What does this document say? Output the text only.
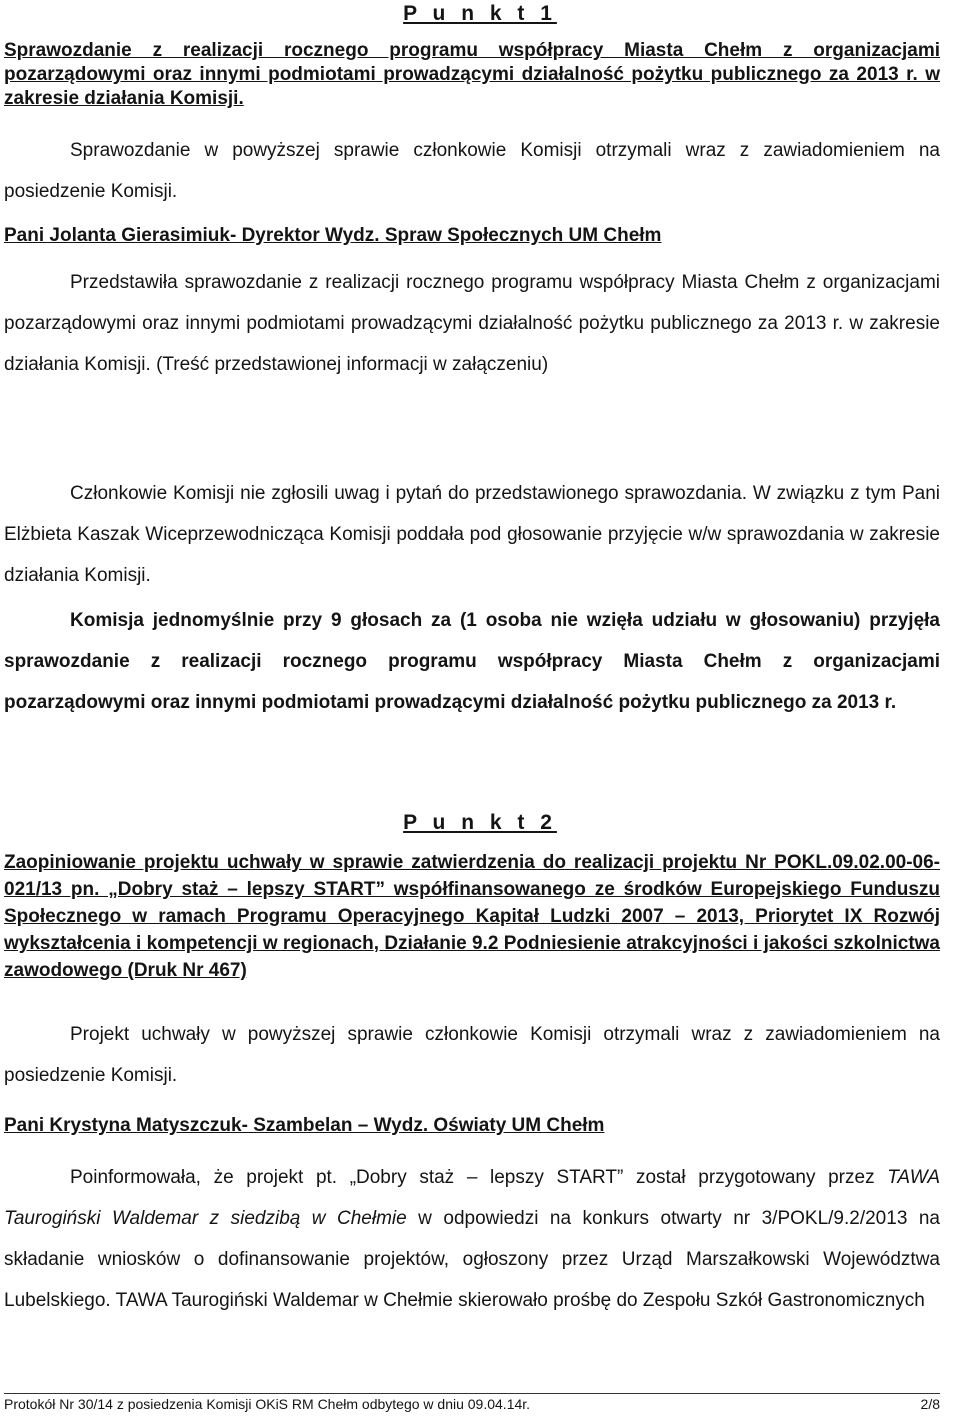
P u n k t 1

Sprawozdanie z realizacji rocznego programu współpracy Miasta Chełm z organizacjami pozarządowymi oraz innymi podmiotami prowadzącymi działalność pożytku publicznego za 2013 r. w zakresie działania Komisji.

Sprawozdanie w powyższej sprawie członkowie Komisji otrzymali wraz z zawiadomieniem na posiedzenie Komisji.

Pani Jolanta Gierasimiuk- Dyrektor Wydz. Spraw Społecznych UM Chełm

Przedstawiła sprawozdanie z realizacji rocznego programu współpracy Miasta Chełm z organizacjami pozarządowymi oraz innymi podmiotami prowadzącymi działalność pożytku publicznego za 2013 r. w zakresie działania Komisji. (Treść przedstawionej informacji w załączeniu)

Członkowie Komisji nie zgłosili uwag i pytań do przedstawionego sprawozdania. W związku z tym Pani Elżbieta Kaszak Wiceprzewodnicząca Komisji poddała pod głosowanie przyjęcie w/w sprawozdania w zakresie działania Komisji.

Komisja jednomyślnie przy 9 głosach za (1 osoba nie wzięła udziału w głosowaniu) przyjęła sprawozdanie z realizacji rocznego programu współpracy Miasta Chełm z organizacjami pozarządowymi oraz innymi podmiotami prowadzącymi działalność pożytku publicznego za 2013 r.

P u n k t 2

Zaopiniowanie projektu uchwały w sprawie zatwierdzenia do realizacji projektu Nr POKL.09.02.00-06-021/13 pn. „Dobry staż – lepszy START” współfinansowanego ze środków Europejskiego Funduszu Społecznego w ramach Programu Operacyjnego Kapitał Ludzki 2007 – 2013, Priorytet IX Rozwój wykształcenia i kompetencji w regionach, Działanie 9.2 Podniesienie atrakcyjności i jakości szkolnictwa zawodowego (Druk Nr 467)

Projekt uchwały w powyższej sprawie członkowie Komisji otrzymali wraz z zawiadomieniem na posiedzenie Komisji.

Pani Krystyna Matyszczuk- Szambelan – Wydz. Oświaty UM Chełm

Poinformowała, że projekt pt. „Dobry staż – lepszy START” został przygotowany przez TAWA Taurogiński Waldemar z siedzibą w Chełmie w odpowiedzi na konkurs otwarty nr 3/POKL/9.2/2013 na składanie wniosków o dofinansowanie projektów, ogłoszony przez Urząd Marszałkowski Województwa Lubelskiego. TAWA Taurogiński Waldemar w Chełmie skierowało prośbę do Zespołu Szkół Gastronomicznych

Protokół Nr 30/14 z posiedzenia Komisji OKiS RM Chełm odbytego w dniu 09.04.14r.	2/8
